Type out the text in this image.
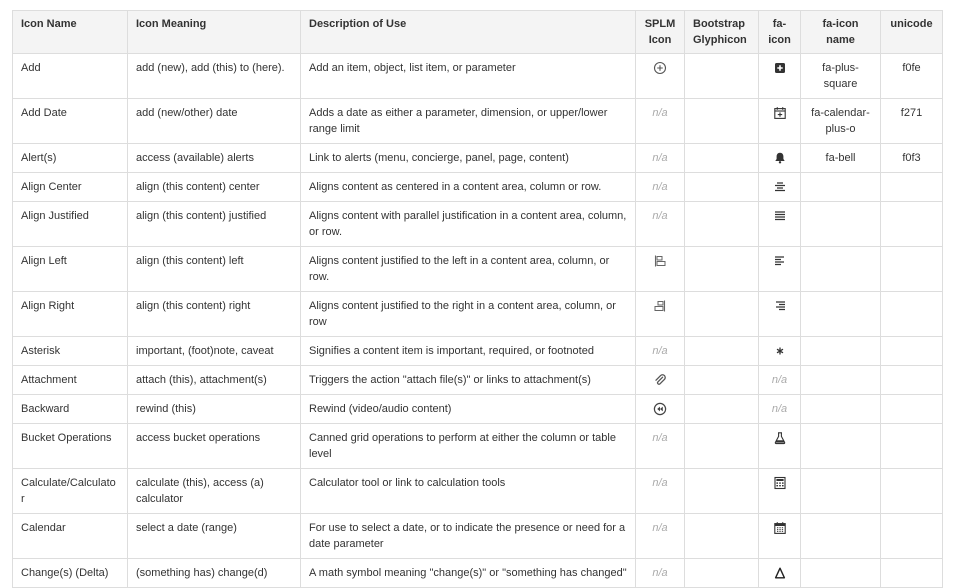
Icon Name	Icon Meaning	Description of Use	SPLM Icon	Bootstrap Glyphicon	fa-icon	fa-icon name	unicode
Add	add (new), add (this) to (here).	Add an item, object, list item, or parameter				fa-plus-square	f0fe
Add Date	add (new/other) date	Adds a date as either a parameter, dimension, or upper/lower range limit	n/a			fa-calendar-plus-o	f271
Alert(s)	access (available) alerts	Link to alerts (menu, concierge, panel, page, content)	n/a			fa-bell	f0f3
Align Center	align (this content) center	Aligns content as centered in a content area, column or row.	n/a		

Align Justified	align (this content) justified	Aligns content with parallel justification in a content area, column, or row.	n/a		

Align Left	align (this content) left	Aligns content justified to the left in a content area, column, or row.	

Align Right	align (this content) right	Aligns content justified to the right in a content area, column, or row	

Asterisk	important, (foot)note, caveat	Signifies a content item is important, required, or footnoted	n/a		

Attachment	attach (this), attachment(s)	Triggers the action "attach file(s)" or links to attachment(s)			n/a		
Backward	rewind (this)	Rewind (video/audio content)			n/a		
Bucket Operations	access bucket operations	Canned grid operations to perform at either the column or table level	n/a		

Calculate/Calculator	calculate (this), access (a) calculator	Calculator tool or link to calculation tools	n/a		

Calendar	select a date (range)	For use to select a date, or to indicate the presence or need for a date parameter	n/a		

Change(s) (Delta)	(something has) change(d)	A math symbol meaning "change(s)" or "something has changed"	n/a		
